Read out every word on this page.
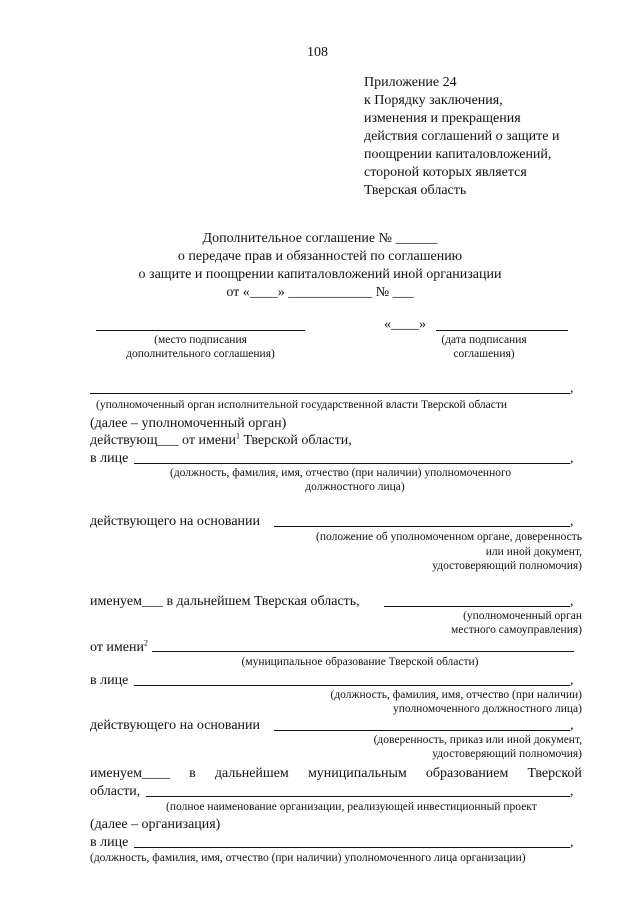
108
Приложение 24
к Порядку заключения,
изменения и прекращения
действия соглашений о защите и
поощрении капиталовложений,
стороной которых является
Тверская область
Дополнительное соглашение № ______
о передаче прав и обязанностей по соглашению
о защите и поощрении капиталовложений иной организации
от «____» ____________ № ___
(место подписания
дополнительного соглашения)
«____»
(дата подписания
соглашения)
,
(уполномоченный орган исполнительной государственной власти Тверской области
(далее – уполномоченный орган)
действующ___ от имени$^1$ Тверской области,
в лице	,
(должность, фамилия, имя, отчество (при наличии) уполномоченного
должностного лица)
действующего на основании	,
(положение об уполномоченном органе, доверенность
или иной документ,
удостоверяющий полномочия)
именуем___ в дальнейшем Тверская область,	,
(уполномоченный орган
местного самоуправления)
от имени$^2$
(муниципальное образование Тверской области)
в лице	,
(должность, фамилия, имя, отчество (при наличии)
уполномоченного должностного лица)
действующего на основании	,
(доверенность, приказ или иной документ,
удостоверяющий полномочия)
именуем____ в дальнейшем муниципальным образованием Тверской
области,	,
(полное наименование организации, реализующей инвестиционный проект
(далее – организация)
в лице	,
(должность, фамилия, имя, отчество (при наличии) уполномоченного лица организации)
